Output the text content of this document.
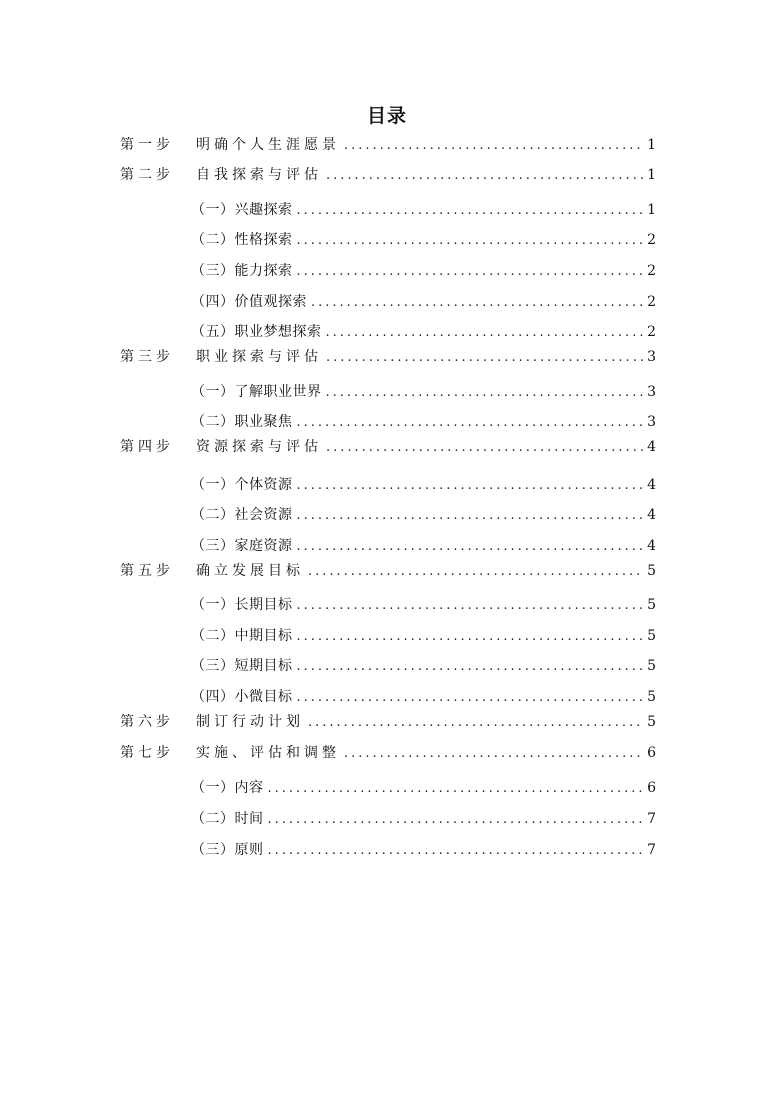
目录
第一步	明确个人生涯愿景 .....	1
第二步	自我探索与评估 .....	1
（一）兴趣探索 .....	1
（二）性格探索 .....	2
（三）能力探索 .....	2
（四）价值观探索 .....	2
（五）职业梦想探索 .....	2
第三步	职业探索与评估 .....	3
（一）了解职业世界 .....	3
（二）职业聚焦 .....	3
第四步	资源探索与评估 .....	4
（一）个体资源 .....	4
（二）社会资源 .....	4
（三）家庭资源 .....	4
第五步	确立发展目标 .....	5
（一）长期目标 .....	5
（二）中期目标 .....	5
（三）短期目标 .....	5
（四）小微目标 .....	5
第六步	制订行动计划 .....	5
第七步	实施、评估和调整 .....	6
（一）内容 .....	6
（二）时间 .....	7
（三）原则 .....	7
